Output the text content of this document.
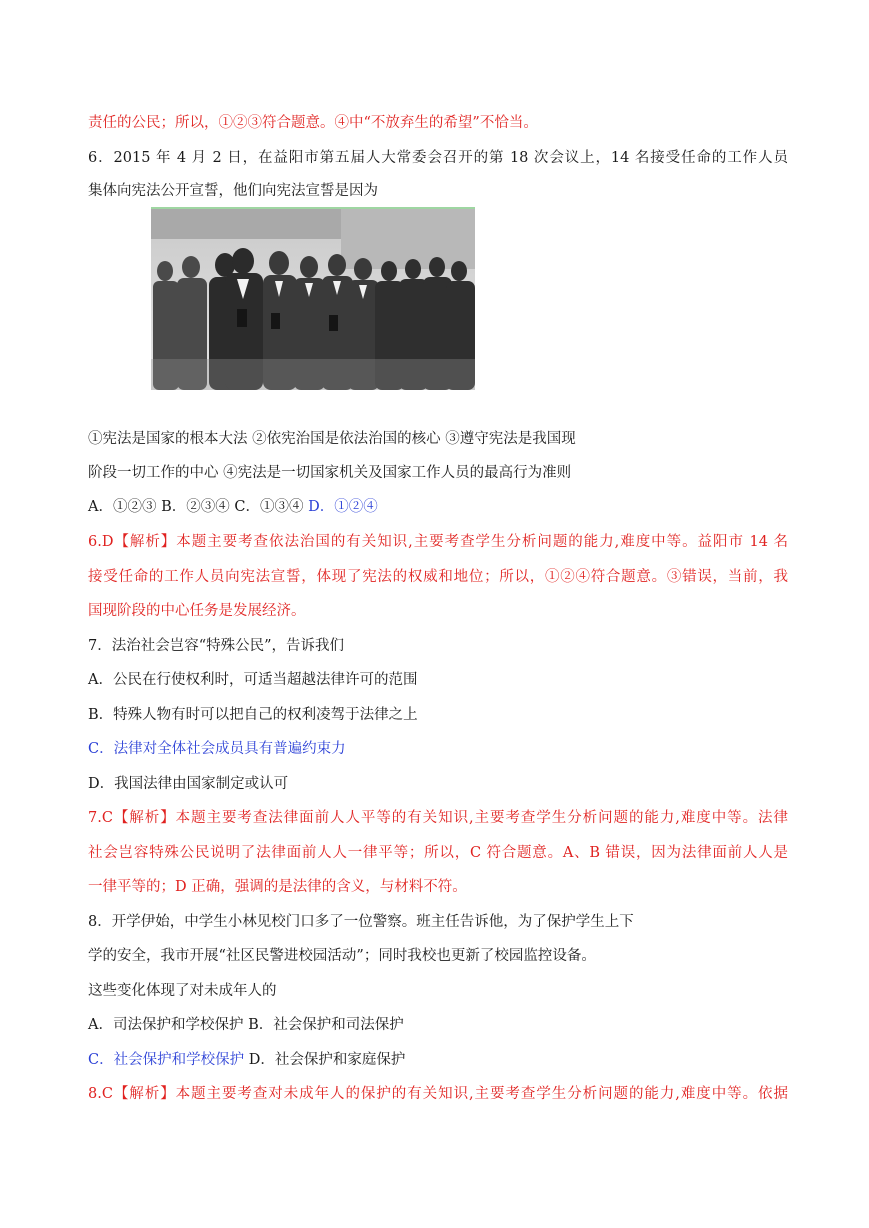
责任的公民；所以，①②③符合题意。④中“不放弃生的希望”不恰当。
6．2015 年 4 月 2 日，在益阳市第五届人大常委会召开的第 18 次会议上，14 名接受任命的工作人员
集体向宪法公开宣誓，他们向宪法宣誓是因为
①宪法是国家的根本大法 ②依宪治国是依法治国的核心 ③遵守宪法是我国现
阶段一切工作的中心 ④宪法是一切国家机关及国家工作人员的最高行为准则
A．①②③ B．②③④ C．①③④ D．①②④
6.D【解析】本题主要考查依法治国的有关知识,主要考查学生分析问题的能力,难度中等。益阳市 14 名
接受任命的工作人员向宪法宣誓，体现了宪法的权威和地位；所以，①②④符合题意。③错误，当前，我
国现阶段的中心任务是发展经济。
7．法治社会岂容“特殊公民”，告诉我们
A．公民在行使权利时，可适当超越法律许可的范围
B．特殊人物有时可以把自己的权利凌驾于法律之上
C．法律对全体社会成员具有普遍约束力
D．我国法律由国家制定或认可
7.C【解析】本题主要考查法律面前人人平等的有关知识,主要考查学生分析问题的能力,难度中等。法律
社会岂容特殊公民说明了法律面前人人一律平等；所以，C 符合题意。A、B 错误，因为法律面前人人是
一律平等的；D 正确，强调的是法律的含义，与材料不符。
8．开学伊始，中学生小林见校门口多了一位警察。班主任告诉他，为了保护学生上下
学的安全，我市开展“社区民警进校园活动”；同时我校也更新了校园监控设备。
这些变化体现了对未成年人的
A．司法保护和学校保护 B．社会保护和司法保护
C．社会保护和学校保护 D．社会保护和家庭保护
8.C【解析】本题主要考查对未成年人的保护的有关知识,主要考查学生分析问题的能力,难度中等。依据
